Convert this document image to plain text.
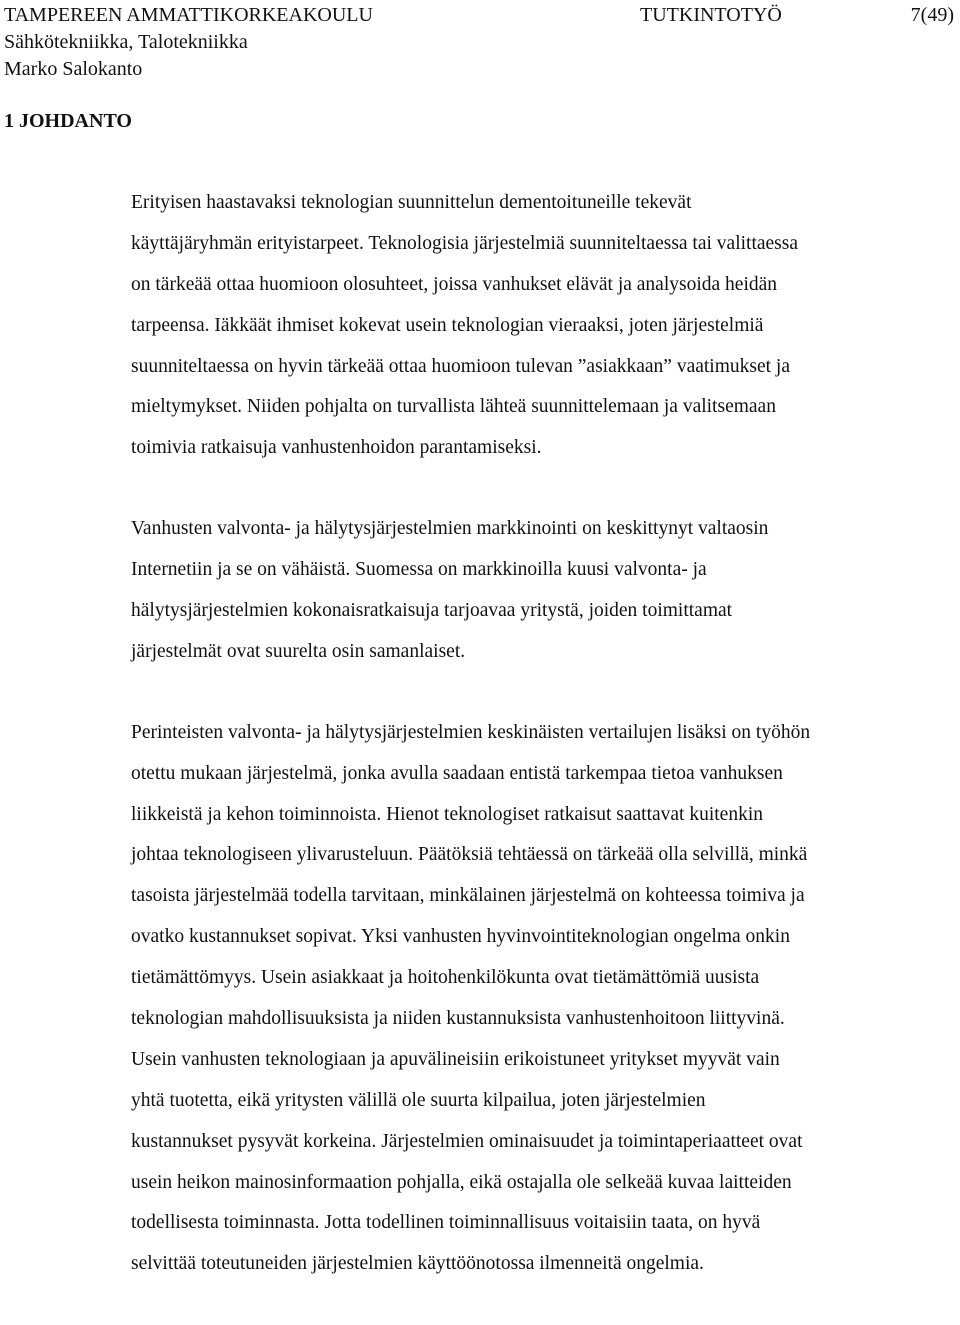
TAMPEREEN AMMATTIKORKEAKOULU	TUTKINTOTYÖ	7(49)
Sähkötekniikka, Talotekniikka
Marko Salokanto
1 JOHDANTO

Erityisen haastavaksi teknologian suunnittelun dementoituneille tekevät
käyttäjäryhmän erityistarpeet. Teknologisia järjestelmiä suunniteltaessa tai valittaessa
on tärkeää ottaa huomioon olosuhteet, joissa vanhukset elävät ja analysoida heidän
tarpeensa. Iäkkäät ihmiset kokevat usein teknologian vieraaksi, joten järjestelmiä
suunniteltaessa on hyvin tärkeää ottaa huomioon tulevan ”asiakkaan” vaatimukset ja
mieltymykset. Niiden pohjalta on turvallista lähteä suunnittelemaan ja valitsemaan
toimivia ratkaisuja vanhustenhoidon parantamiseksi.

Vanhusten valvonta- ja hälytysjärjestelmien markkinointi on keskittynyt valtaosin
Internetiin ja se on vähäistä. Suomessa on markkinoilla kuusi valvonta- ja
hälytysjärjestelmien kokonaisratkaisuja tarjoavaa yritystä, joiden toimittamat
järjestelmät ovat suurelta osin samanlaiset.

Perinteisten valvonta- ja hälytysjärjestelmien keskinäisten vertailujen lisäksi on työhön
otettu mukaan järjestelmä, jonka avulla saadaan entistä tarkempaa tietoa vanhuksen
liikkeistä ja kehon toiminnoista. Hienot teknologiset ratkaisut saattavat kuitenkin
johtaa teknologiseen ylivarusteluun. Päätöksiä tehtäessä on tärkeää olla selvillä, minkä
tasoista järjestelmää todella tarvitaan, minkälainen järjestelmä on kohteessa toimiva ja
ovatko kustannukset sopivat. Yksi vanhusten hyvinvointiteknologian ongelma onkin
tietämättömyys. Usein asiakkaat ja hoitohenkilökunta ovat tietämättömiä uusista
teknologian mahdollisuuksista ja niiden kustannuksista vanhustenhoitoon liittyvinä.
Usein vanhusten teknologiaan ja apuvälineisiin erikoistuneet yritykset myyvät vain
yhtä tuotetta, eikä yritysten välillä ole suurta kilpailua, joten järjestelmien
kustannukset pysyvät korkeina. Järjestelmien ominaisuudet ja toimintaperiaatteet ovat
usein heikon mainosinformaation pohjalla, eikä ostajalla ole selkeää kuvaa laitteiden
todellisesta toiminnasta. Jotta todellinen toiminnallisuus voitaisiin taata, on hyvä
selvittää toteutuneiden järjestelmien käyttöönotossa ilmenneitä ongelmia.
